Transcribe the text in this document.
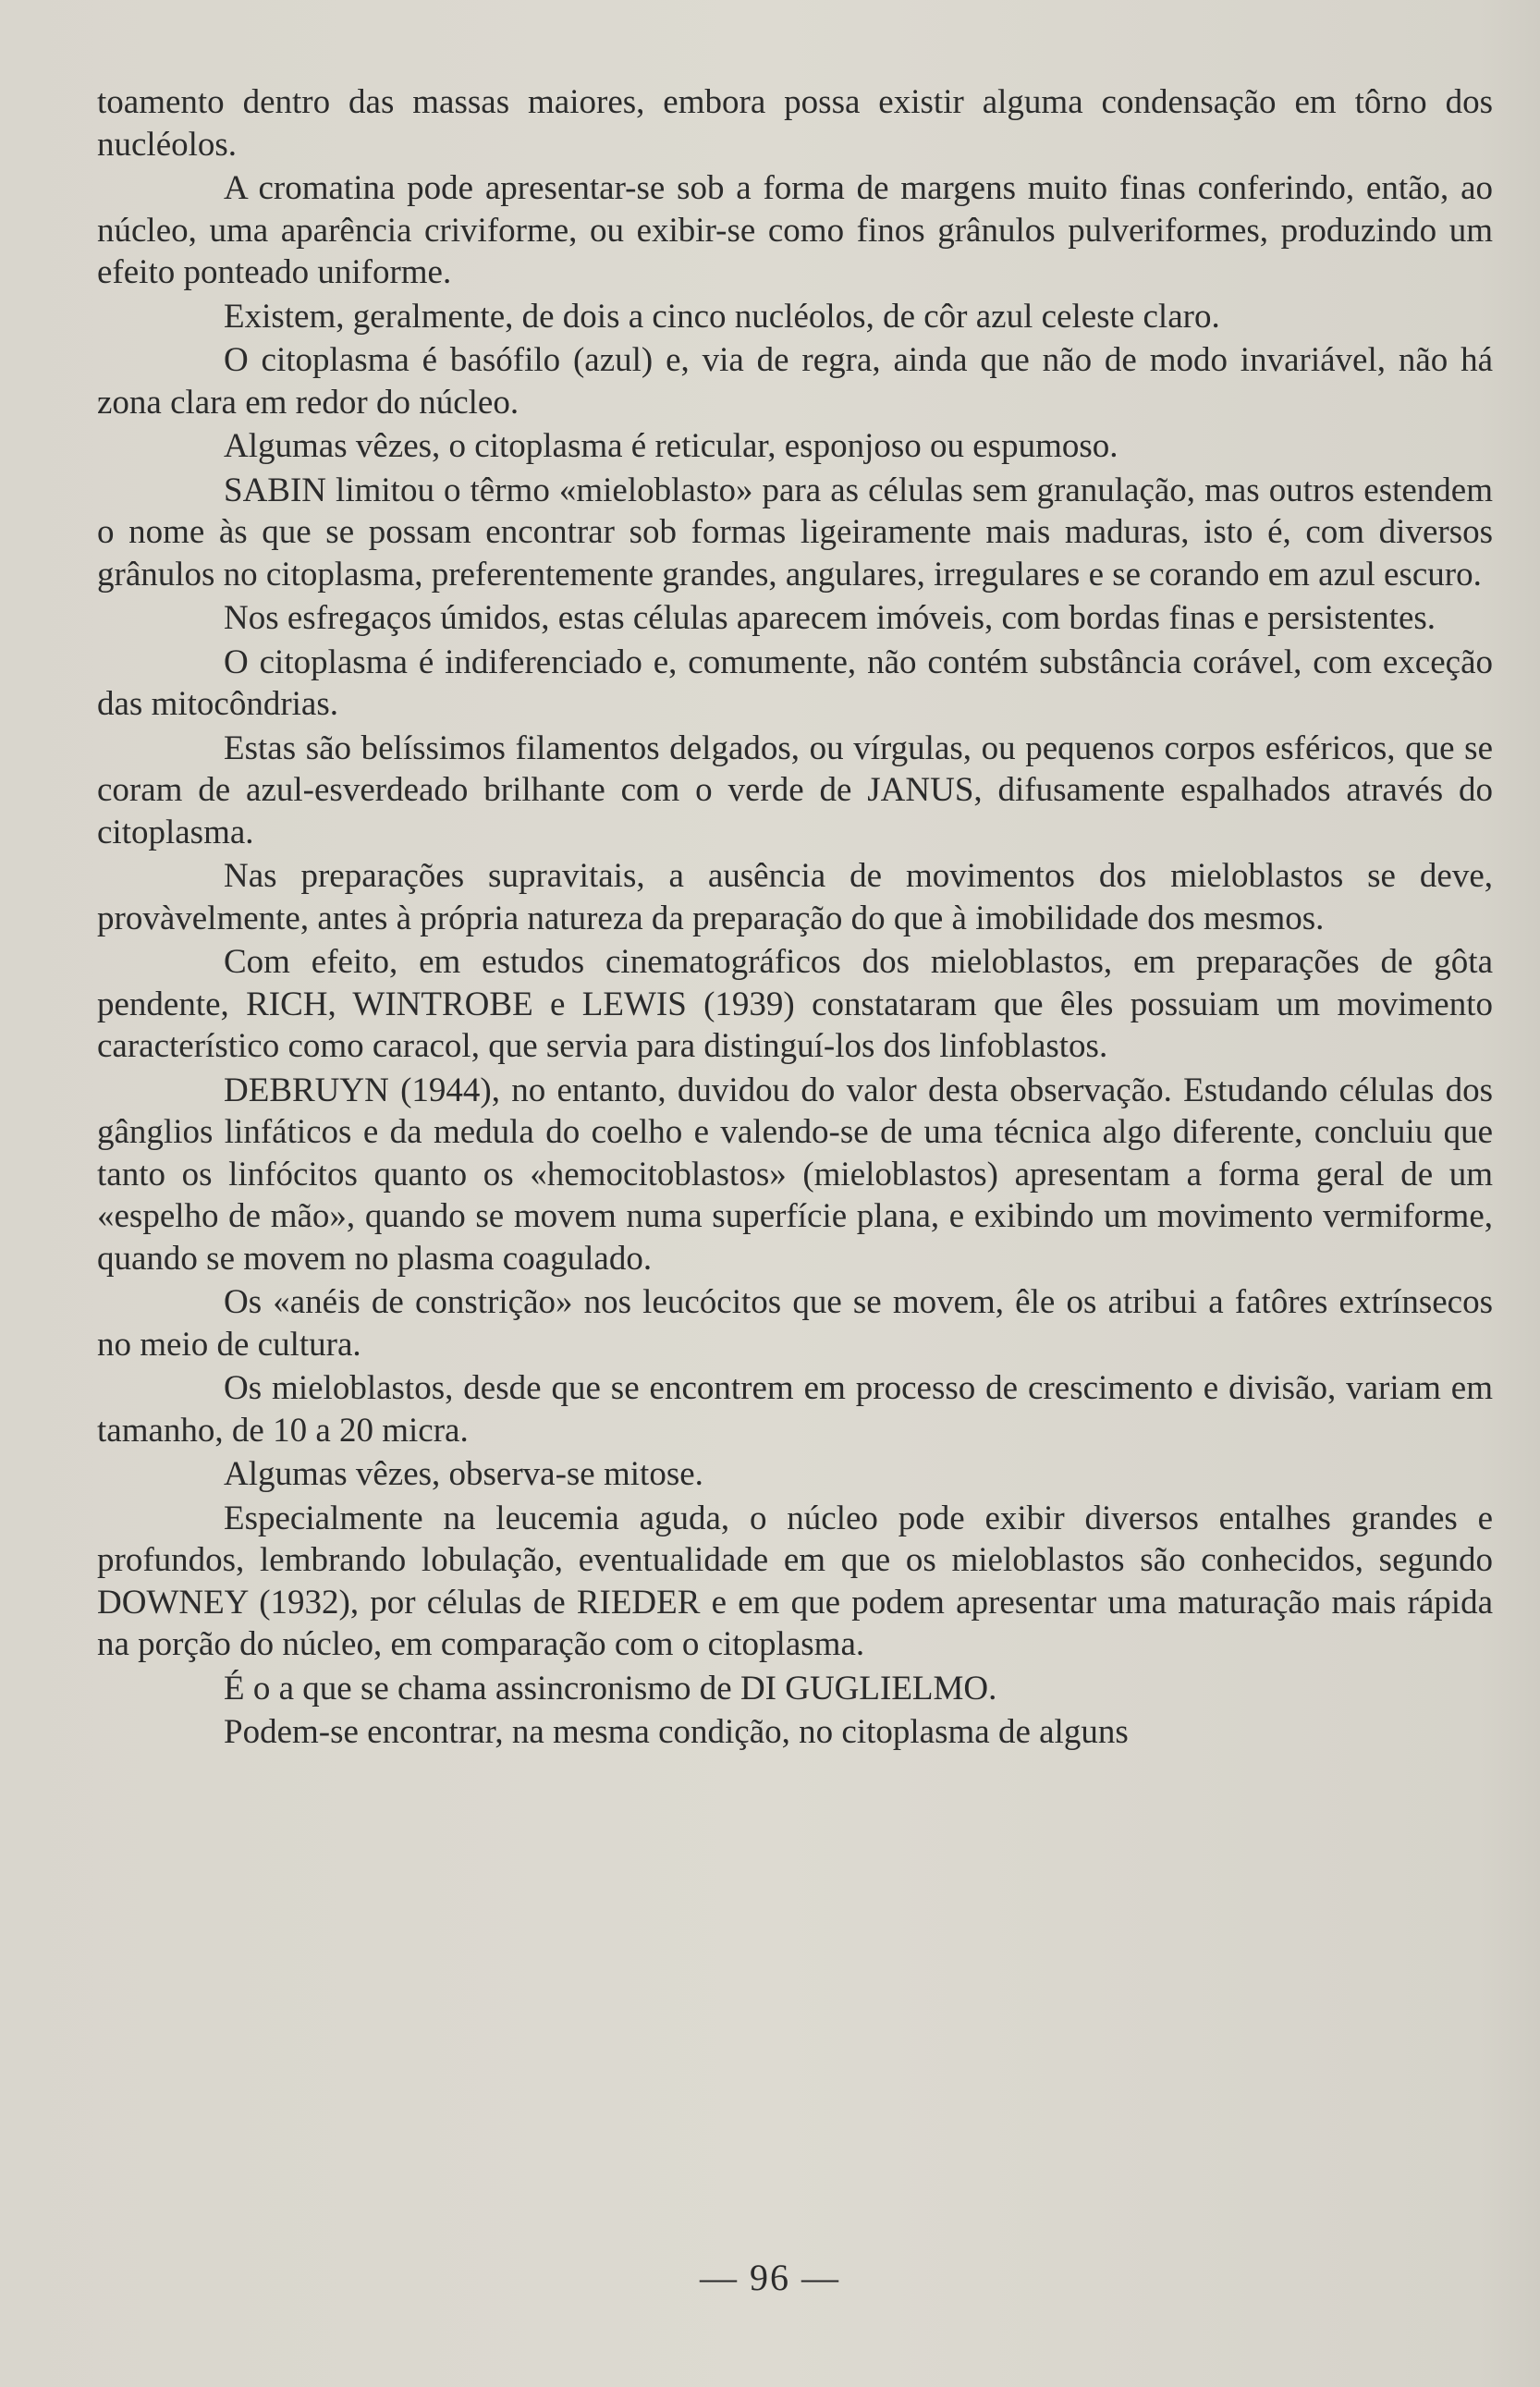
toamento dentro das massas maiores, embora possa existir alguma condensação em tôrno dos nucléolos.

A cromatina pode apresentar-se sob a forma de margens muito finas conferindo, então, ao núcleo, uma aparência criviforme, ou exibir-se como finos grânulos pulveriformes, produzindo um efeito ponteado uniforme.

Existem, geralmente, de dois a cinco nucléolos, de côr azul celeste claro.

O citoplasma é basófilo (azul) e, via de regra, ainda que não de modo invariável, não há zona clara em redor do núcleo.

Algumas vêzes, o citoplasma é reticular, esponjoso ou espumoso.

SABIN limitou o têrmo «mieloblasto» para as células sem granulação, mas outros estendem o nome às que se possam encontrar sob formas ligeiramente mais maduras, isto é, com diversos grânulos no citoplasma, preferentemente grandes, angulares, irregulares e se corando em azul escuro.

Nos esfregaços úmidos, estas células aparecem imóveis, com bordas finas e persistentes.

O citoplasma é indiferenciado e, comumente, não contém substância corável, com exceção das mitocôndrias.

Estas são belíssimos filamentos delgados, ou vírgulas, ou pequenos corpos esféricos, que se coram de azul-esverdeado brilhante com o verde de JANUS, difusamente espalhados através do citoplasma.

Nas preparações supravitais, a ausência de movimentos dos mieloblastos se deve, provàvelmente, antes à própria natureza da preparação do que à imobilidade dos mesmos.

Com efeito, em estudos cinematográficos dos mieloblastos, em preparações de gôta pendente, RICH, WINTROBE e LEWIS (1939) constataram que êles possuiam um movimento característico como caracol, que servia para distinguí-los dos linfoblastos.

DEBRUYN (1944), no entanto, duvidou do valor desta observação. Estudando células dos gânglios linfáticos e da medula do coelho e valendo-se de uma técnica algo diferente, concluiu que tanto os linfócitos quanto os «hemocitoblastos» (mieloblastos) apresentam a forma geral de um «espelho de mão», quando se movem numa superfície plana, e exibindo um movimento vermiforme, quando se movem no plasma coagulado.

Os «anéis de constrição» nos leucócitos que se movem, êle os atribui a fatôres extrínsecos no meio de cultura.

Os mieloblastos, desde que se encontrem em processo de crescimento e divisão, variam em tamanho, de 10 a 20 micra.

Algumas vêzes, observa-se mitose.

Especialmente na leucemia aguda, o núcleo pode exibir diversos entalhes grandes e profundos, lembrando lobulação, eventualidade em que os mieloblastos são conhecidos, segundo DOWNEY (1932), por células de RIEDER e em que podem apresentar uma maturação mais rápida na porção do núcleo, em comparação com o citoplasma.

É o a que se chama assincronismo de DI GUGLIELMO.

Podem-se encontrar, na mesma condição, no citoplasma de alguns

— 96 —
